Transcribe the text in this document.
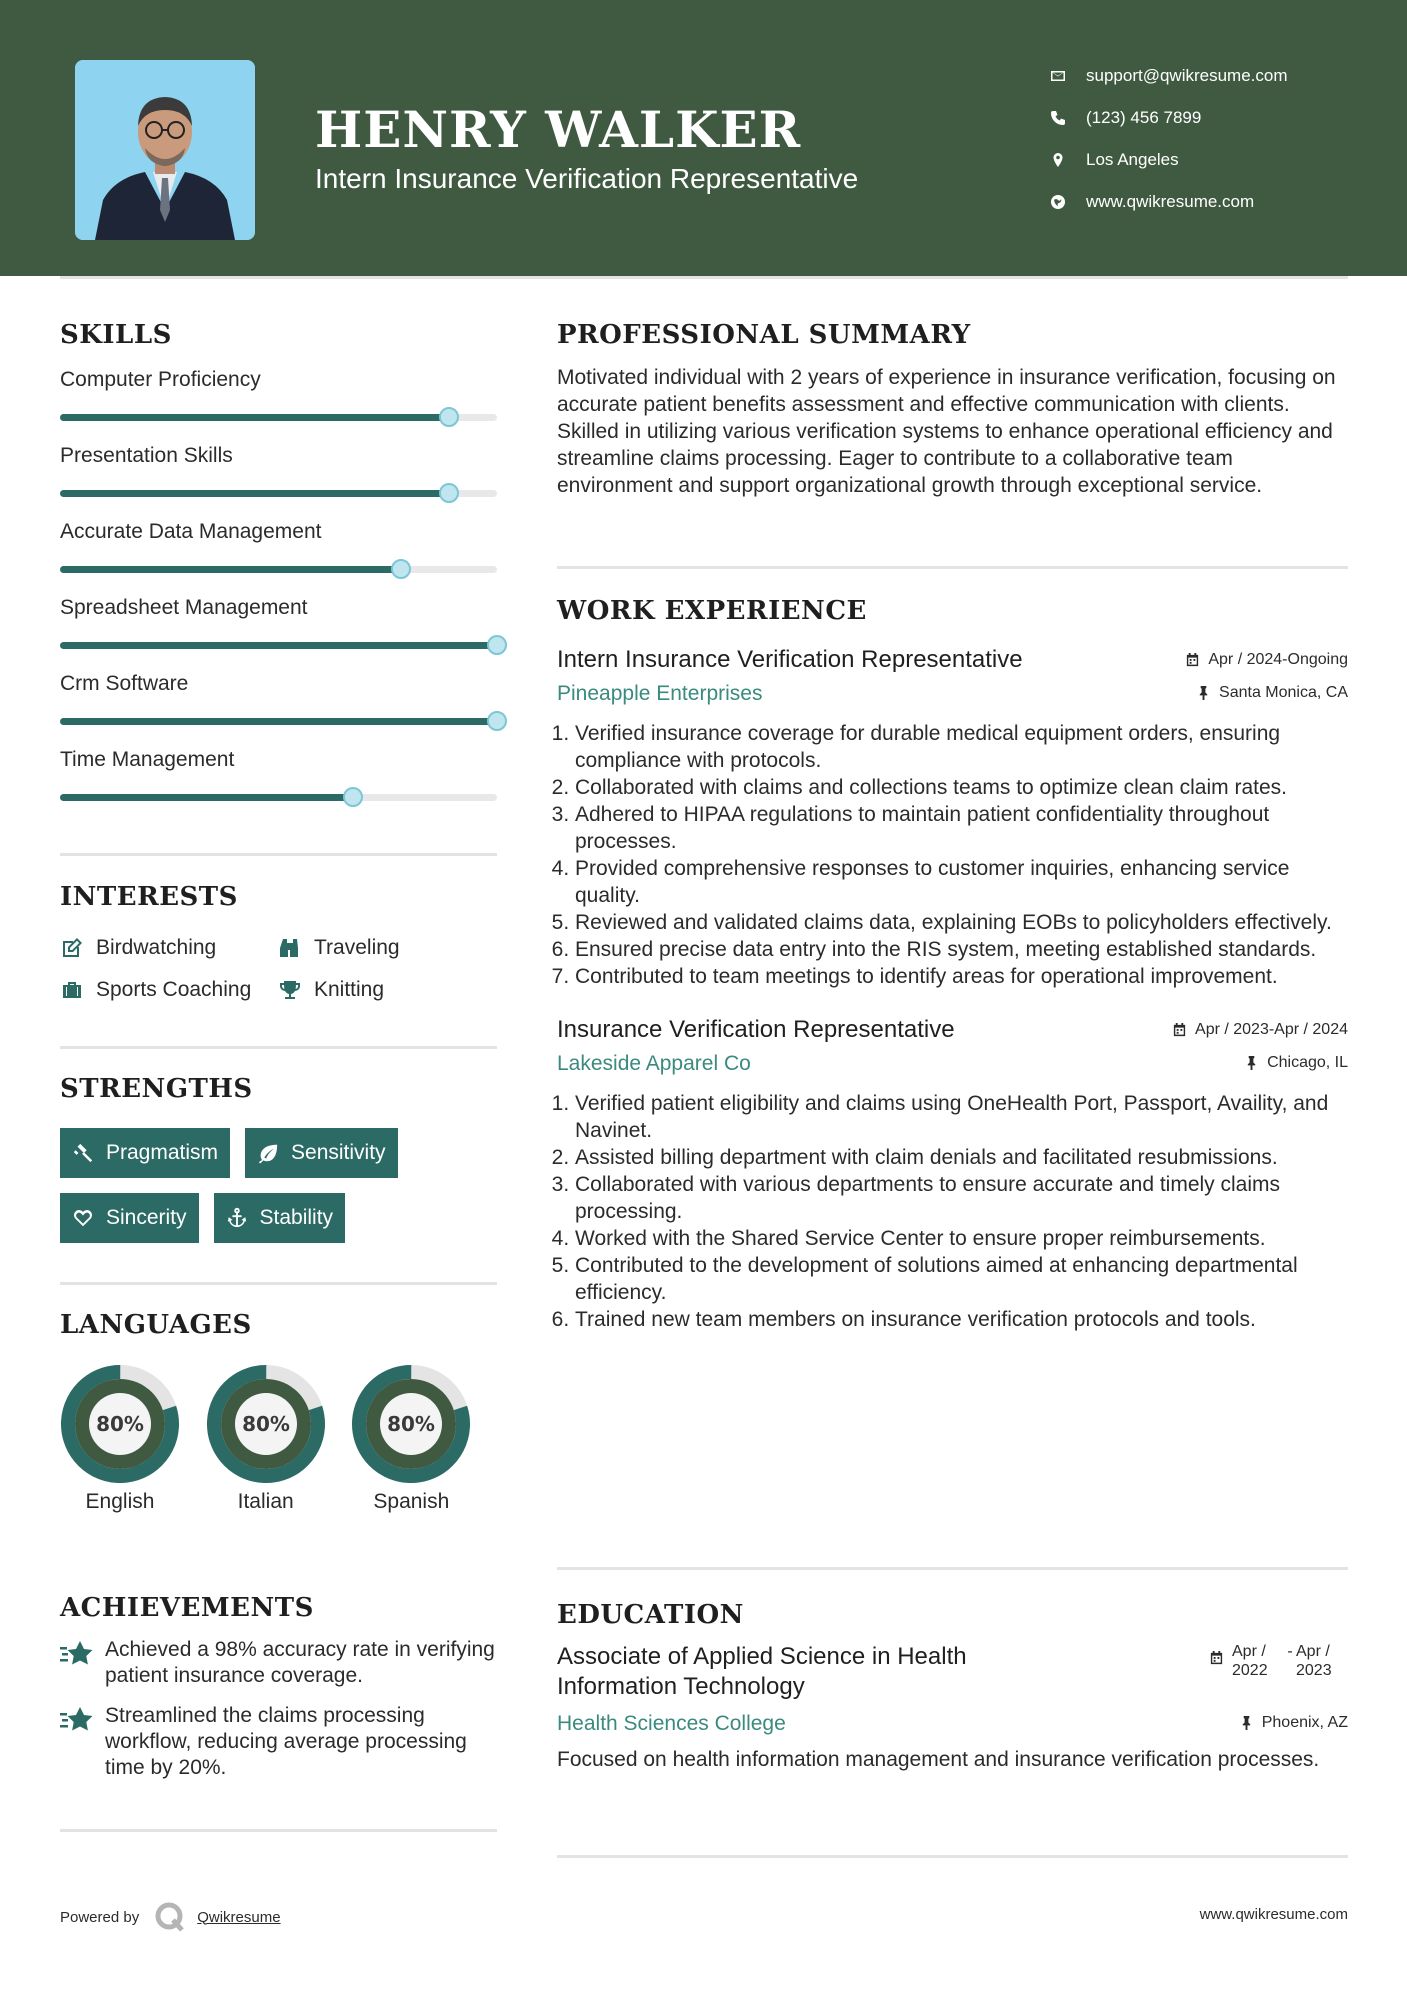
HENRY WALKER
Intern Insurance Verification Representative
support@qwikresume.com
(123) 456 7899
Los Angeles
www.qwikresume.com
SKILLS
Computer Proficiency
Presentation Skills
Accurate Data Management
Spreadsheet Management
Crm Software
Time Management
INTERESTS
Birdwatching	Traveling
Sports Coaching	Knitting
STRENGTHS
Pragmatism	Sensitivity
Sincerity	Stability
LANGUAGES
80%
English
80%
Italian
80%
Spanish
ACHIEVEMENTS
Achieved a 98% accuracy rate in verifying patient insurance coverage.
Streamlined the claims processing workflow, reducing average processing time by 20%.
PROFESSIONAL SUMMARY
Motivated individual with 2 years of experience in insurance verification, focusing on accurate patient benefits assessment and effective communication with clients. Skilled in utilizing various verification systems to enhance operational efficiency and streamline claims processing. Eager to contribute to a collaborative team environment and support organizational growth through exceptional service.
WORK EXPERIENCE
Intern Insurance Verification Representative	Apr / 2024-Ongoing
Pineapple Enterprises	Santa Monica, CA
1. Verified insurance coverage for durable medical equipment orders, ensuring compliance with protocols.
2. Collaborated with claims and collections teams to optimize clean claim rates.
3. Adhered to HIPAA regulations to maintain patient confidentiality throughout processes.
4. Provided comprehensive responses to customer inquiries, enhancing service quality.
5. Reviewed and validated claims data, explaining EOBs to policyholders effectively.
6. Ensured precise data entry into the RIS system, meeting established standards.
7. Contributed to team meetings to identify areas for operational improvement.
Insurance Verification Representative	Apr / 2023-Apr / 2024
Lakeside Apparel Co	Chicago, IL
1. Verified patient eligibility and claims using OneHealth Port, Passport, Availity, and Navinet.
2. Assisted billing department with claim denials and facilitated resubmissions.
3. Collaborated with various departments to ensure accurate and timely claims processing.
4. Worked with the Shared Service Center to ensure proper reimbursements.
5. Contributed to the development of solutions aimed at enhancing departmental efficiency.
6. Trained new team members on insurance verification protocols and tools.
EDUCATION
Associate of Applied Science in Health Information Technology
Apr / 2022
- Apr / 2023
Health Sciences College	Phoenix, AZ
Focused on health information management and insurance verification processes.
Powered by	Qwikresume	www.qwikresume.com
